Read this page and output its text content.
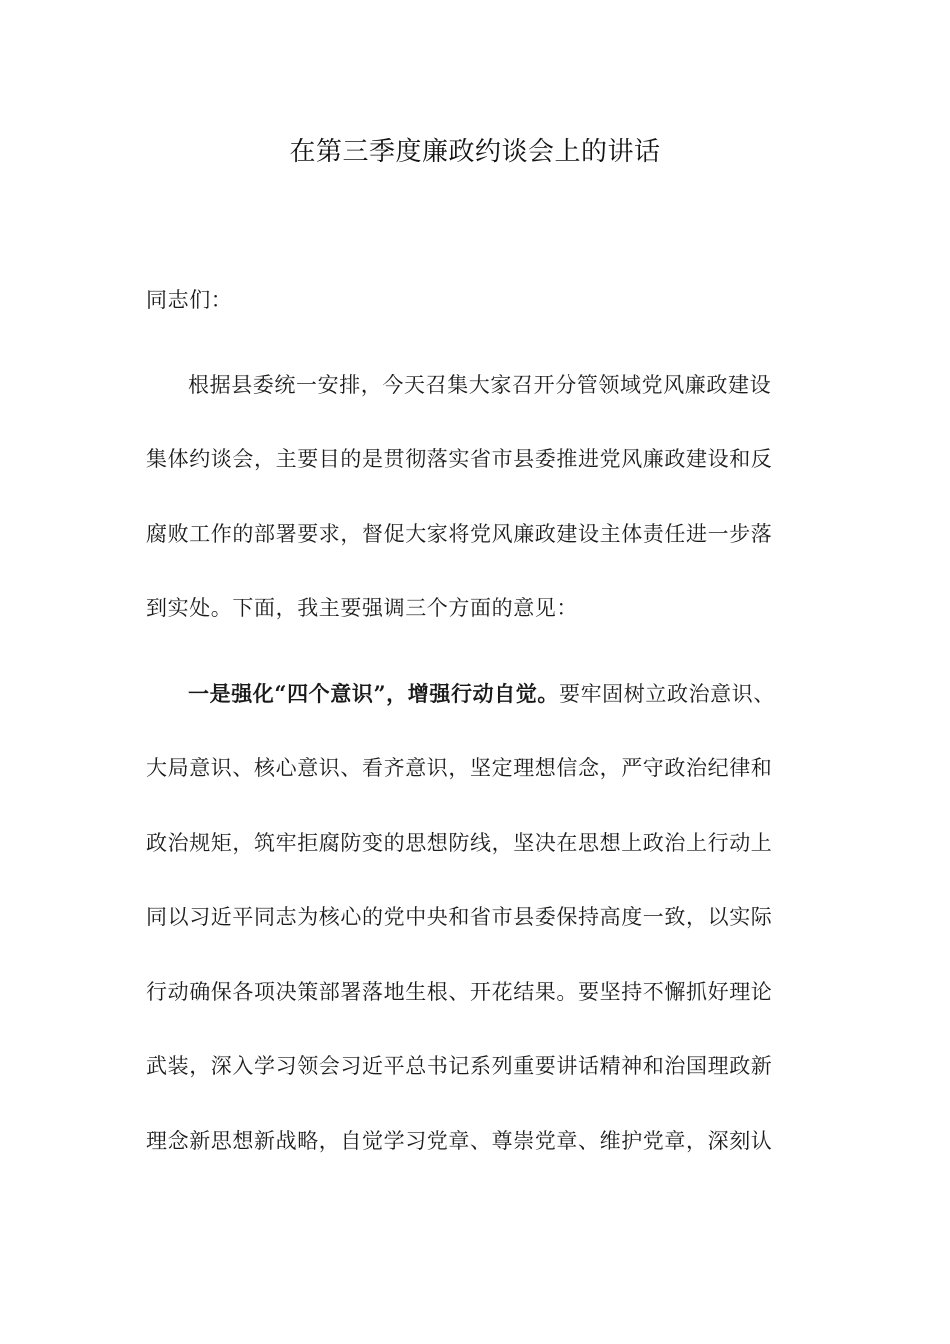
在第三季度廉政约谈会上的讲话
同志们：
根据县委统一安排，今天召集大家召开分管领域党风廉政建设
集体约谈会，主要目的是贯彻落实省市县委推进党风廉政建设和反
腐败工作的部署要求，督促大家将党风廉政建设主体责任进一步落
到实处。下面，我主要强调三个方面的意见：
一是强化“四个意识”，增强行动自觉。要牢固树立政治意识、
大局意识、核心意识、看齐意识，坚定理想信念，严守政治纪律和
政治规矩，筑牢拒腐防变的思想防线，坚决在思想上政治上行动上
同以习近平同志为核心的党中央和省市县委保持高度一致，以实际
行动确保各项决策部署落地生根、开花结果。要坚持不懈抓好理论
武装，深入学习领会习近平总书记系列重要讲话精神和治国理政新
理念新思想新战略，自觉学习党章、尊崇党章、维护党章，深刻认
